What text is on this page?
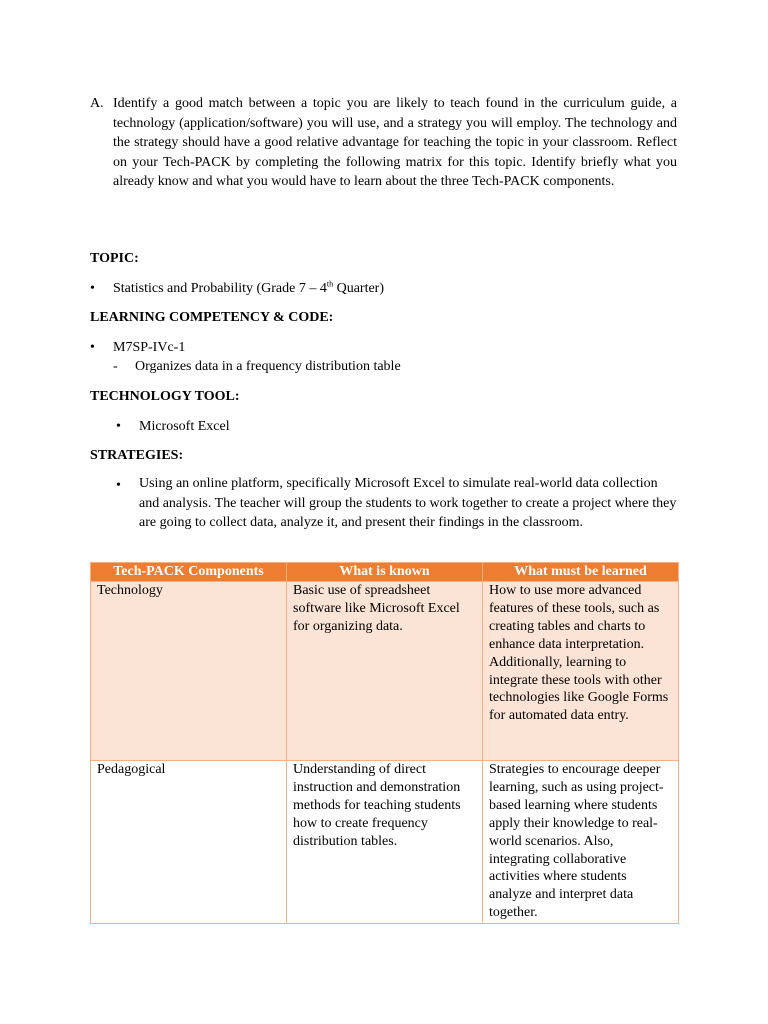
A. Identify a good match between a topic you are likely to teach found in the curriculum guide, a technology (application/software) you will use, and a strategy you will employ. The technology and the strategy should have a good relative advantage for teaching the topic in your classroom. Reflect on your Tech-PACK by completing the following matrix for this topic. Identify briefly what you already know and what you would have to learn about the three Tech-PACK components.
TOPIC:
• Statistics and Probability (Grade 7 – 4th Quarter)
LEARNING COMPETENCY & CODE:
• M7SP-IVc-1
- Organizes data in a frequency distribution table
TECHNOLOGY TOOL:
• Microsoft Excel
STRATEGIES:
• Using an online platform, specifically Microsoft Excel to simulate real-world data collection and analysis. The teacher will group the students to work together to create a project where they are going to collect data, analyze it, and present their findings in the classroom.
Tech-PACK Components	What is known	What must be learned
Technology	Basic use of spreadsheet software like Microsoft Excel for organizing data.	How to use more advanced features of these tools, such as creating tables and charts to enhance data interpretation. Additionally, learning to integrate these tools with other technologies like Google Forms for automated data entry.
Pedagogical	Understanding of direct instruction and demonstration methods for teaching students how to create frequency distribution tables.	Strategies to encourage deeper learning, such as using project-based learning where students apply their knowledge to real-world scenarios. Also, integrating collaborative activities where students analyze and interpret data together.
